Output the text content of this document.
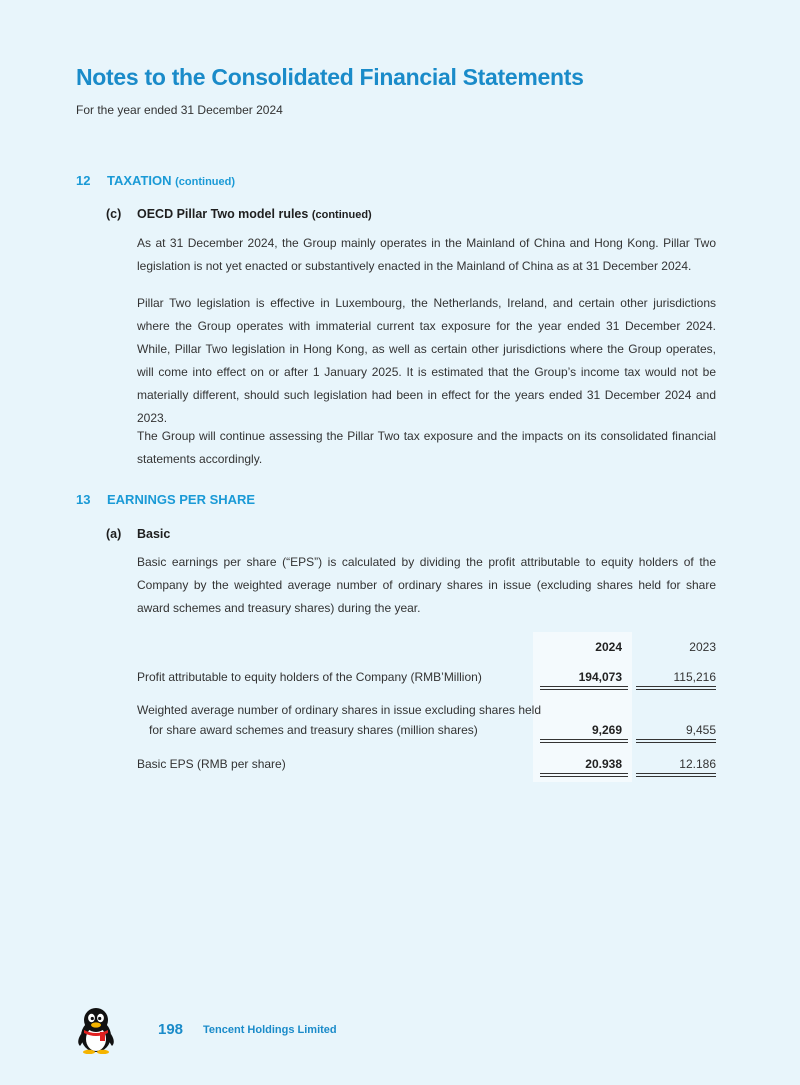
Notes to the Consolidated Financial Statements
For the year ended 31 December 2024
12 TAXATION (continued)
(c) OECD Pillar Two model rules (continued)

As at 31 December 2024, the Group mainly operates in the Mainland of China and Hong Kong. Pillar Two legislation is not yet enacted or substantively enacted in the Mainland of China as at 31 December 2024.

Pillar Two legislation is effective in Luxembourg, the Netherlands, Ireland, and certain other jurisdictions where the Group operates with immaterial current tax exposure for the year ended 31 December 2024. While, Pillar Two legislation in Hong Kong, as well as certain other jurisdictions where the Group operates, will come into effect on or after 1 January 2025. It is estimated that the Group’s income tax would not be materially different, should such legislation had been in effect for the years ended 31 December 2024 and 2023.

The Group will continue assessing the Pillar Two tax exposure and the impacts on its consolidated financial statements accordingly.

13 EARNINGS PER SHARE
(a) Basic

Basic earnings per share (“EPS”) is calculated by dividing the profit attributable to equity holders of the Company by the weighted average number of ordinary shares in issue (excluding shares held for share award schemes and treasury shares) during the year.

2024	2023
Profit attributable to equity holders of the Company (RMB’Million)	194,073	115,216
Weighted average number of ordinary shares in issue excluding shares held
for share award schemes and treasury shares (million shares)	9,269	9,455
Basic EPS (RMB per share)	20.938	12.186
198 Tencent Holdings Limited
